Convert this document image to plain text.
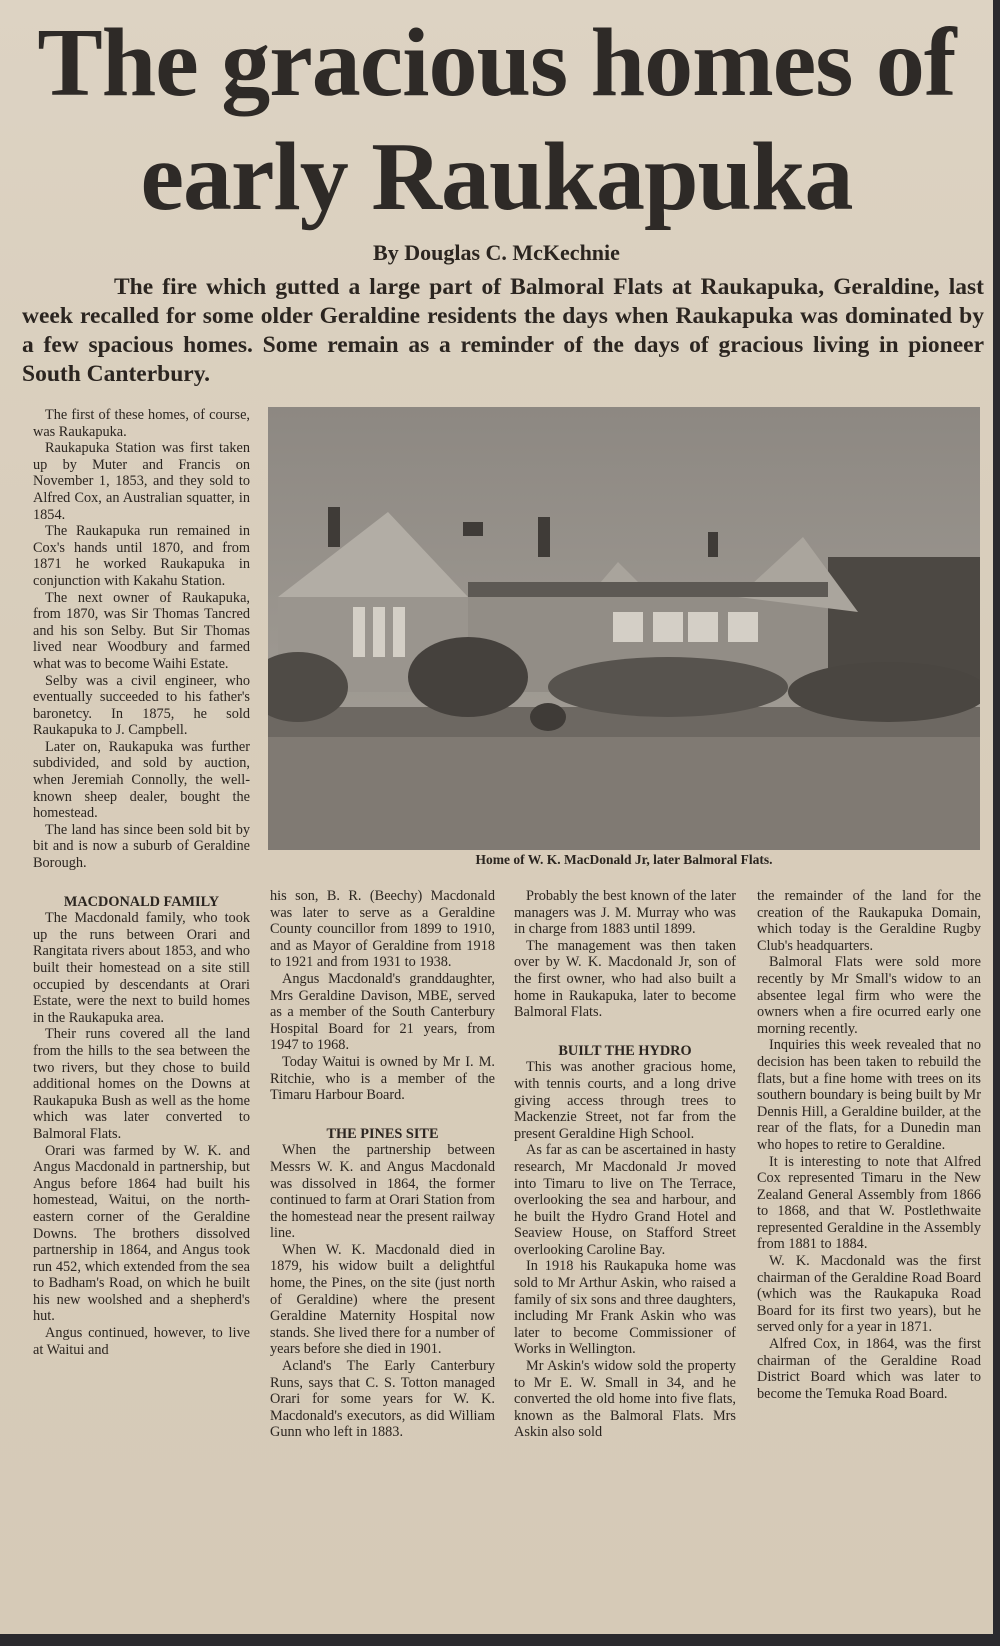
The gracious homes of
early Raukapuka
By Douglas C. McKechnie
The fire which gutted a large part of Balmoral Flats at Raukapuka, Geraldine, last week recalled for some older Geraldine residents the days when Raukapuka was dominated by a few spacious homes. Some remain as a reminder of the days of gracious living in pioneer South Canterbury.
Home of W. K. MacDonald Jr, later Balmoral Flats.

The first of these homes, of course, was Raukapuka.

Raukapuka Station was first taken up by Muter and Francis on November 1, 1853, and they sold to Alfred Cox, an Australian squatter, in 1854.

The Raukapuka run remained in Cox's hands until 1870, and from 1871 he worked Raukapuka in conjunction with Kakahu Station.

The next owner of Raukapuka, from 1870, was Sir Thomas Tancred and his son Selby. But Sir Thomas lived near Woodbury and farmed what was to become Waihi Estate.

Selby was a civil engineer, who eventually succeeded to his father's baronetcy. In 1875, he sold Raukapuka to J. Campbell.

Later on, Raukapuka was further subdivided, and sold by auction, when Jeremiah Connolly, the well-known sheep dealer, bought the homestead.

The land has since been sold bit by bit and is now a suburb of Geraldine Borough.

MACDONALD FAMILY

The Macdonald family, who took up the runs between Orari and Rangitata rivers about 1853, and who built their homestead on a site still occupied by descendants at Orari Estate, were the next to build homes in the Raukapuka area.

Their runs covered all the land from the hills to the sea between the two rivers, but they chose to build additional homes on the Downs at Raukapuka Bush as well as the home which was later converted to Balmoral Flats.

Orari was farmed by W. K. and Angus Macdonald in partnership, but Angus before 1864 had built his homestead, Waitui, on the north-eastern corner of the Geraldine Downs. The brothers dissolved partnership in 1864, and Angus took run 452, which extended from the sea to Badham's Road, on which he built his new woolshed and a shepherd's hut.

Angus continued, however, to live at Waitui and

his son, B. R. (Beechy) Macdonald was later to serve as a Geraldine County councillor from 1899 to 1910, and as Mayor of Geraldine from 1918 to 1921 and from 1931 to 1938.

Angus Macdonald's granddaughter, Mrs Geraldine Davison, MBE, served as a member of the South Canterbury Hospital Board for 21 years, from 1947 to 1968.

Today Waitui is owned by Mr I. M. Ritchie, who is a member of the Timaru Harbour Board.

THE PINES SITE

When the partnership between Messrs W. K. and Angus Macdonald was dissolved in 1864, the former continued to farm at Orari Station from the homestead near the present railway line.

When W. K. Macdonald died in 1879, his widow built a delightful home, the Pines, on the site (just north of Geraldine) where the present Geraldine Maternity Hospital now stands. She lived there for a number of years before she died in 1901.

Acland's The Early Canterbury Runs, says that C. S. Totton managed Orari for some years for W. K. Macdonald's executors, as did William Gunn who left in 1883.

Probably the best known of the later managers was J. M. Murray who was in charge from 1883 until 1899.

The management was then taken over by W. K. Macdonald Jr, son of the first owner, who had also built a home in Raukapuka, later to become Balmoral Flats.

BUILT THE HYDRO

This was another gracious home, with tennis courts, and a long drive giving access through trees to Mackenzie Street, not far from the present Geraldine High School.

As far as can be ascertained in hasty research, Mr Macdonald Jr moved into Timaru to live on The Terrace, overlooking the sea and harbour, and he built the Hydro Grand Hotel and Seaview House, on Stafford Street overlooking Caroline Bay.

In 1918 his Raukapuka home was sold to Mr Arthur Askin, who raised a family of six sons and three daughters, including Mr Frank Askin who was later to become Commissioner of Works in Wellington.

Mr Askin's widow sold the property to Mr E. W. Small in 34, and he converted the old home into five flats, known as the Balmoral Flats. Mrs Askin also sold

the remainder of the land for the creation of the Raukapuka Domain, which today is the Geraldine Rugby Club's headquarters.

Balmoral Flats were sold more recently by Mr Small's widow to an absentee legal firm who were the owners when a fire ocurred early one morning recently.

Inquiries this week revealed that no decision has been taken to rebuild the flats, but a fine home with trees on its southern boundary is being built by Mr Dennis Hill, a Geraldine builder, at the rear of the flats, for a Dunedin man who hopes to retire to Geraldine.

It is interesting to note that Alfred Cox represented Timaru in the New Zealand General Assembly from 1866 to 1868, and that W. Postlethwaite represented Geraldine in the Assembly from 1881 to 1884.

W. K. Macdonald was the first chairman of the Geraldine Road Board (which was the Raukapuka Road Board for its first two years), but he served only for a year in 1871.

Alfred Cox, in 1864, was the first chairman of the Geraldine Road District Board which was later to become the Temuka Road Board.
